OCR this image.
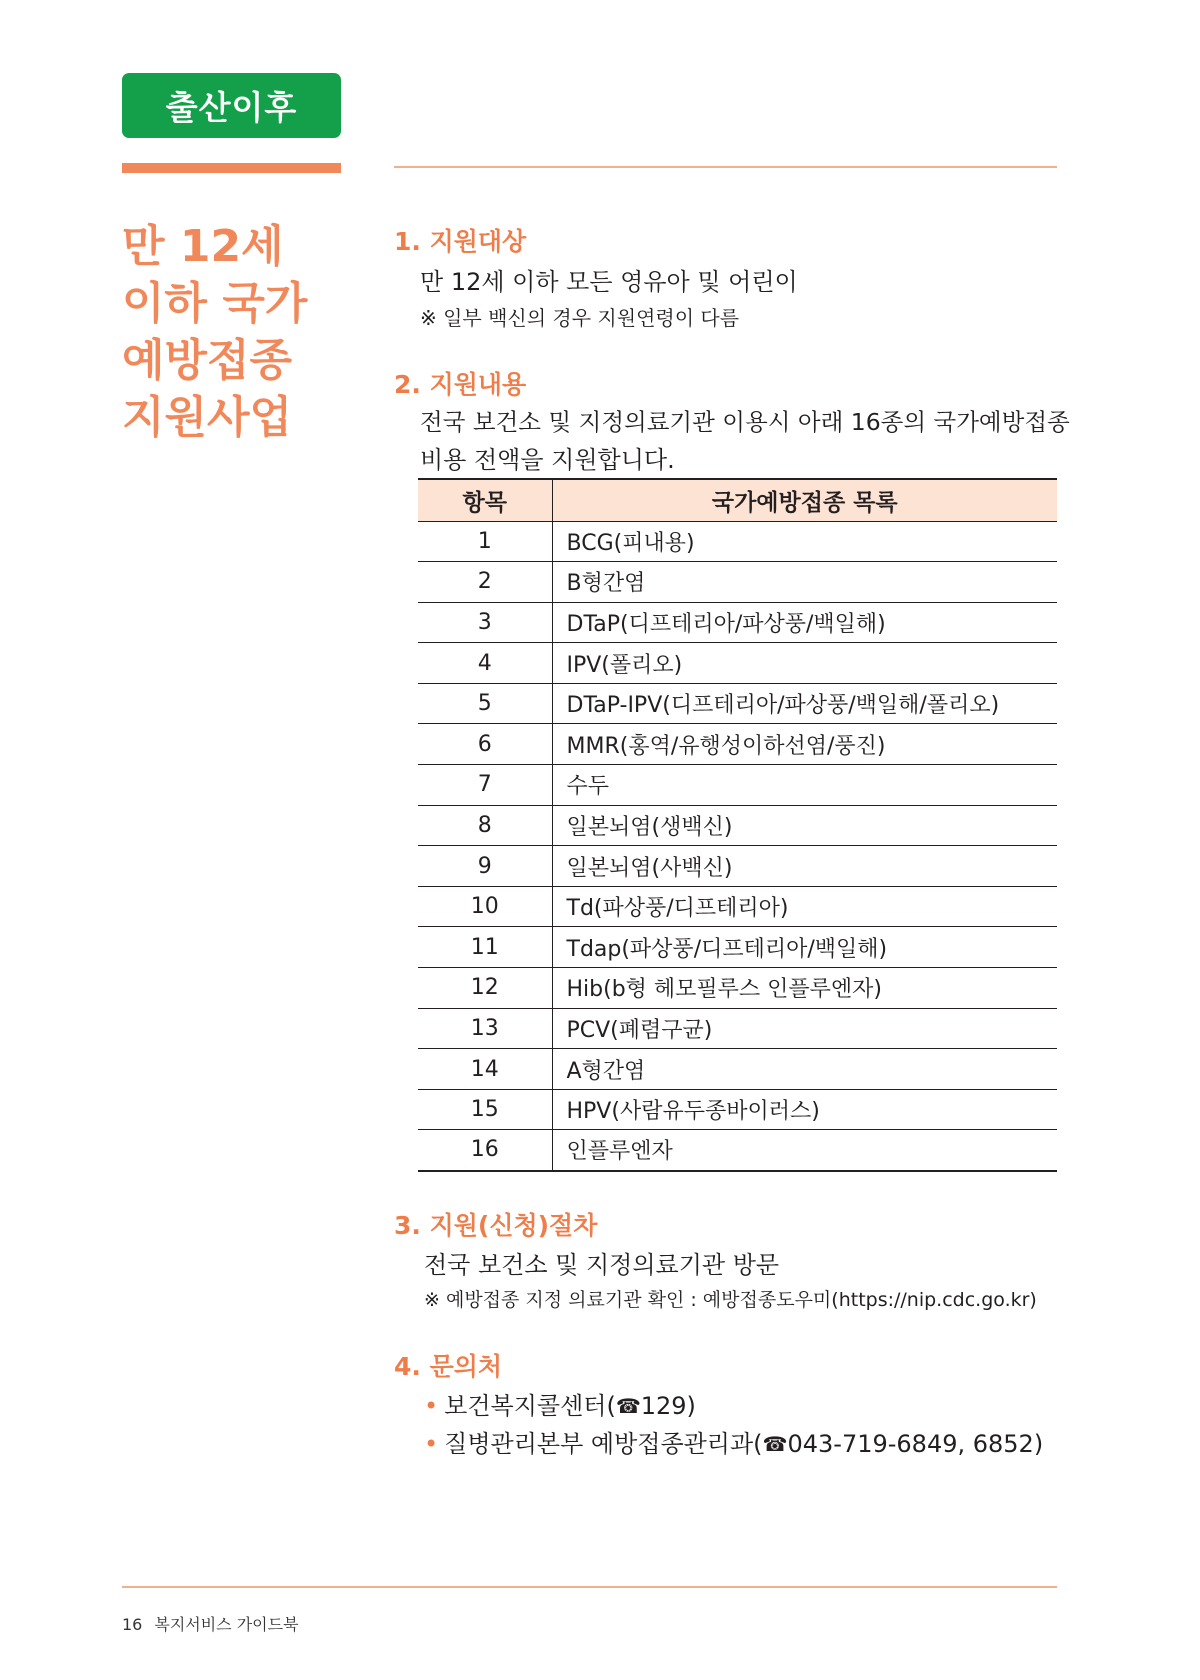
출산이후
만 12세
이하 국가
예방접종
지원사업
1. 지원대상
만 12세 이하 모든 영유아 및 어린이
※ 일부 백신의 경우 지원연령이 다름
2. 지원내용
전국 보건소 및 지정의료기관 이용시 아래 16종의 국가예방접종
비용 전액을 지원합니다.
항목	국가예방접종 목록
1	BCG(피내용)
2	B형간염
3	DTaP(디프테리아/파상풍/백일해)
4	IPV(폴리오)
5	DTaP-IPV(디프테리아/파상풍/백일해/폴리오)
6	MMR(홍역/유행성이하선염/풍진)
7	수두
8	일본뇌염(생백신)
9	일본뇌염(사백신)
10	Td(파상풍/디프테리아)
11	Tdap(파상풍/디프테리아/백일해)
12	Hib(b형 헤모필루스 인플루엔자)
13	PCV(폐렴구균)
14	A형간염
15	HPV(사람유두종바이러스)
16	인플루엔자
3. 지원(신청)절차
전국 보건소 및 지정의료기관 방문
※ 예방접종 지정 의료기관 확인 : 예방접종도우미(https://nip.cdc.go.kr)
4. 문의처
• 보건복지콜센터(☎129)
• 질병관리본부 예방접종관리과(☎043-719-6849, 6852)
16 복지서비스 가이드북
